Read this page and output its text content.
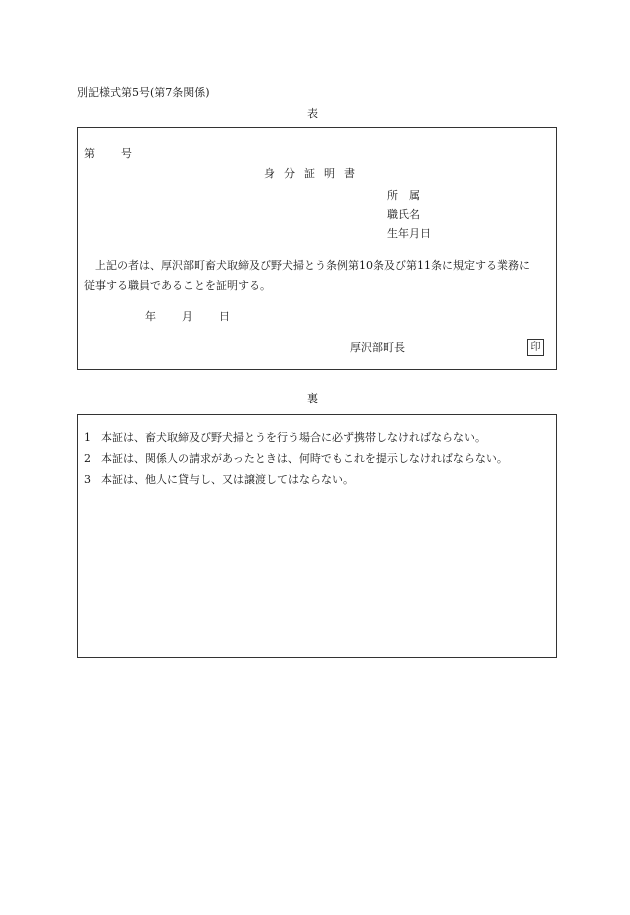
別記様式第5号(第7条関係)
表
第 号
身分証明書
所　属
職氏名
生年月日
上記の者は、厚沢部町畜犬取締及び野犬掃とう条例第10条及び第11条に規定する業務に
従事する職員であることを証明する。
年 月 日
厚沢部町長	印
裏
1 本証は、畜犬取締及び野犬掃とうを行う場合に必ず携帯しなければならない。
2 本証は、関係人の請求があったときは、何時でもこれを提示しなければならない。
3 本証は、他人に貸与し、又は譲渡してはならない。
